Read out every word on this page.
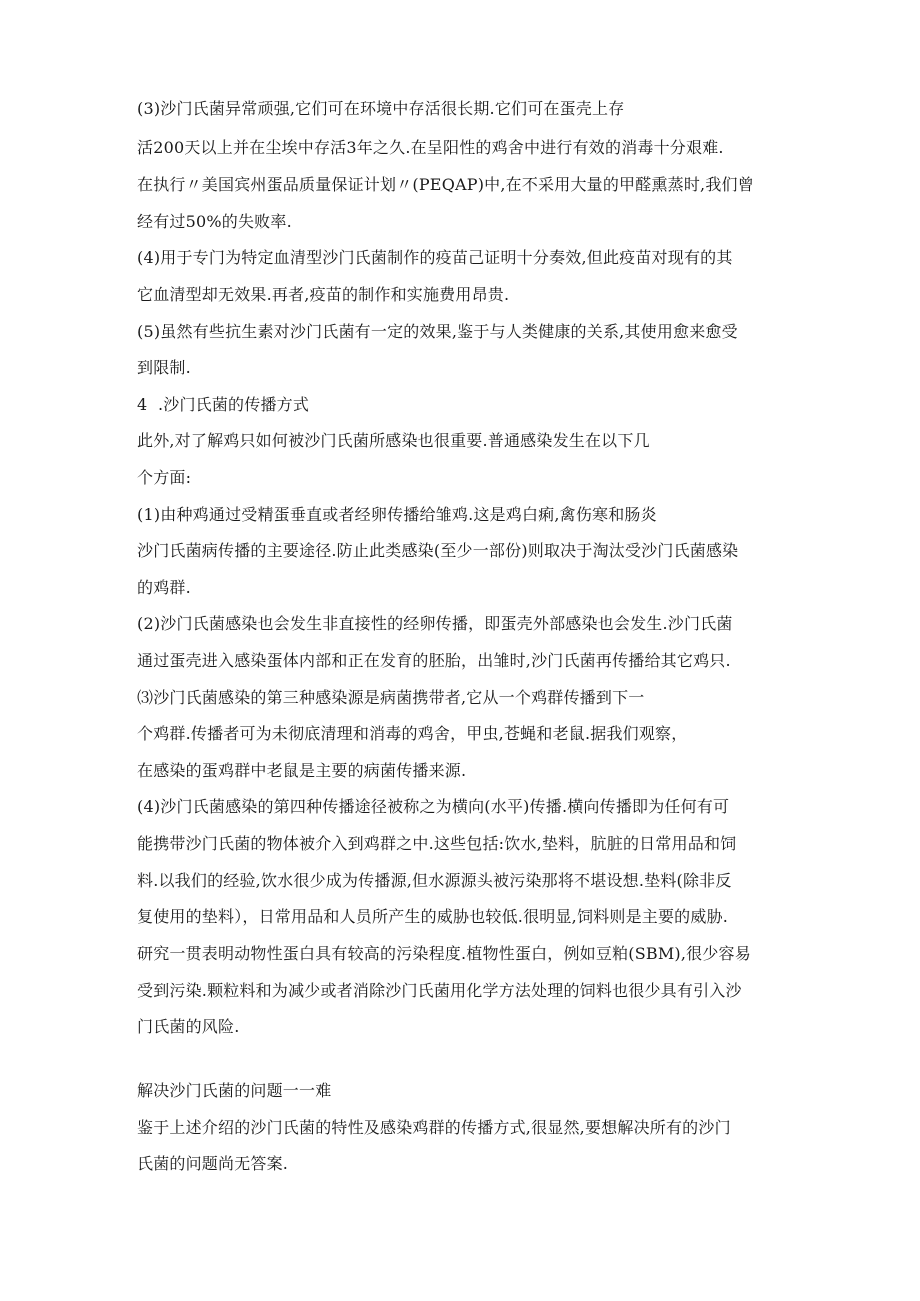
(3)沙门氏菌异常顽强,它们可在环境中存活很长期.它们可在蛋壳上存
活200天以上并在尘埃中存活3年之久.在呈阳性的鸡舍中进行有效的消毒十分艰难.
在执行〃美国宾州蛋品质量保证计划〃(PEQAP)中,在不采用大量的甲醛熏蒸时,我们曾
经有过50%的失败率.
(4)用于专门为特定血清型沙门氏菌制作的疫苗己证明十分奏效,但此疫苗对现有的其
它血清型却无效果.再者,疫苗的制作和实施费用昂贵.
(5)虽然有些抗生素对沙门氏菌有一定的效果,鉴于与人类健康的关系,其使用愈来愈受
到限制.
4  .沙门氏菌的传播方式
此外,对了解鸡只如何被沙门氏菌所感染也很重要.普通感染发生在以下几
个方面:
(1)由种鸡通过受精蛋垂直或者经卵传播给雏鸡.这是鸡白痢,禽伤寒和肠炎
沙门氏菌病传播的主要途径.防止此类感染(至少一部份)则取决于淘汰受沙门氏菌感染
的鸡群.
(2)沙门氏菌感染也会发生非直接性的经卵传播，即蛋壳外部感染也会发生.沙门氏菌
通过蛋壳进入感染蛋体内部和正在发育的胚胎，出雏时,沙门氏菌再传播给其它鸡只.
⑶沙门氏菌感染的第三种感染源是病菌携带者,它从一个鸡群传播到下一
个鸡群.传播者可为未彻底清理和消毒的鸡舍，甲虫,苍蝇和老鼠.据我们观察，
在感染的蛋鸡群中老鼠是主要的病菌传播来源.
(4)沙门氏菌感染的第四种传播途径被称之为横向(水平)传播.横向传播即为任何有可
能携带沙门氏菌的物体被介入到鸡群之中.这些包括:饮水,垫料，肮脏的日常用品和饲
料.以我们的经验,饮水很少成为传播源,但水源源头被污染那将不堪设想.垫料(除非反
复使用的垫料），日常用品和人员所产生的威胁也较低.很明显,饲料则是主要的威胁.
研究一贯表明动物性蛋白具有较高的污染程度.植物性蛋白，例如豆粕(SBM),很少容易
受到污染.颗粒料和为减少或者消除沙门氏菌用化学方法处理的饲料也很少具有引入沙
门氏菌的风险.
解决沙门氏菌的问题一一难
鉴于上述介绍的沙门氏菌的特性及感染鸡群的传播方式,很显然,要想解决所有的沙门
氏菌的问题尚无答案.
